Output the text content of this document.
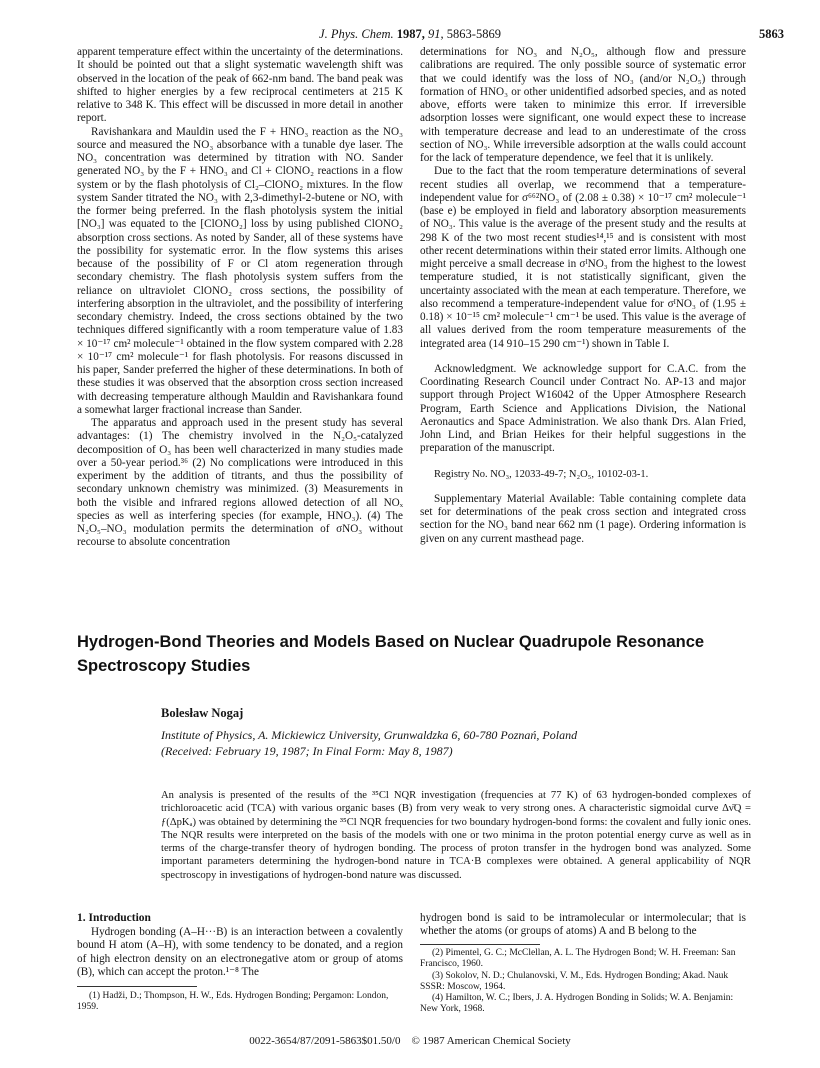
J. Phys. Chem. 1987, 91, 5863-5869	5863

apparent temperature effect within the uncertainty of the determinations. It should be pointed out that a slight systematic wavelength shift was observed in the location of the peak of 662-nm band. The band peak was shifted to higher energies by a few reciprocal centimeters at 215 K relative to 348 K. This effect will be discussed in more detail in another report.

Ravishankara and Mauldin used the F + HNO₃ reaction as the NO₃ source and measured the NO₃ absorbance with a tunable dye laser. The NO₃ concentration was determined by titration with NO. Sander generated NO₃ by the F + HNO₃ and Cl + ClONO₂ reactions in a flow system or by the flash photolysis of Cl₂–ClONO₂ mixtures. In the flow system Sander titrated the NO₃ with 2,3-dimethyl-2-butene or NO, with the former being preferred. In the flash photolysis system the initial [NO₃] was equated to the [ClONO₂] loss by using published ClONO₂ absorption cross sections. As noted by Sander, all of these systems have the possibility for systematic error. In the flow systems this arises because of the possibility of F or Cl atom regeneration through secondary chemistry. The flash photolysis system suffers from the reliance on ultraviolet ClONO₂ cross sections, the possibility of interfering absorption in the ultraviolet, and the possibility of interfering secondary chemistry. Indeed, the cross sections obtained by the two techniques differed significantly with a room temperature value of 1.83 × 10⁻¹⁷ cm² molecule⁻¹ obtained in the flow system compared with 2.28 × 10⁻¹⁷ cm² molecule⁻¹ for flash photolysis. For reasons discussed in his paper, Sander preferred the higher of these determinations. In both of these studies it was observed that the absorption cross section increased with decreasing temperature although Mauldin and Ravishankara found a somewhat larger fractional increase than Sander.

The apparatus and approach used in the present study has several advantages: (1) The chemistry involved in the N₂O₅-catalyzed decomposition of O₃ has been well characterized in many studies made over a 50-year period.³⁶ (2) No complications were introduced in this experiment by the addition of titrants, and thus the possibility of secondary unknown chemistry was minimized. (3) Measurements in both the visible and infrared regions allowed detection of all NOₓ species as well as interfering species (for example, HNO₃). (4) The N₂O₅–NO₃ modulation permits the determination of σNO₃ without recourse to absolute concentration

determinations for NO₃ and N₂O₅, although flow and pressure calibrations are required. The only possible source of systematic error that we could identify was the loss of NO₃ (and/or N₂O₅) through formation of HNO₃ or other unidentified adsorbed species, and as noted above, efforts were taken to minimize this error. If irreversible adsorption losses were significant, one would expect these to increase with temperature decrease and lead to an underestimate of the cross section of NO₃. While irreversible adsorption at the walls could account for the lack of temperature dependence, we feel that it is unlikely.

Due to the fact that the room temperature determinations of several recent studies all overlap, we recommend that a temperature-independent value for σ⁶⁶²NO₃ of (2.08 ± 0.38) × 10⁻¹⁷ cm² molecule⁻¹ (base e) be employed in field and laboratory absorption measurements of NO₃. This value is the average of the present study and the results at 298 K of the two most recent studies¹⁴,¹⁵ and is consistent with most other recent determinations within their stated error limits. Although one might perceive a small decrease in σᴵNO₃ from the highest to the lowest temperature studied, it is not statistically significant, given the uncertainty associated with the mean at each temperature. Therefore, we also recommend a temperature-independent value for σᴵNO₃ of (1.95 ± 0.18) × 10⁻¹⁵ cm² molecule⁻¹ cm⁻¹ be used. This value is the average of all values derived from the room temperature measurements of the integrated area (14 910–15 290 cm⁻¹) shown in Table I.

Acknowledgment. We acknowledge support for C.A.C. from the Coordinating Research Council under Contract No. AP-13 and major support through Project W16042 of the Upper Atmosphere Research Program, Earth Science and Applications Division, the National Aeronautics and Space Administration. We also thank Drs. Alan Fried, John Lind, and Brian Heikes for their helpful suggestions in the preparation of the manuscript.

Registry No. NO₃, 12033-49-7; N₂O₅, 10102-03-1.

Supplementary Material Available: Table containing complete data set for determinations of the peak cross section and integrated cross section for the NO₃ band near 662 nm (1 page). Ordering information is given on any current masthead page.

Hydrogen-Bond Theories and Models Based on Nuclear Quadrupole Resonance Spectroscopy Studies
Bolesław Nogaj
Institute of Physics, A. Mickiewicz University, Grunwaldzka 6, 60-780 Poznań, Poland
(Received: February 19, 1987; In Final Form: May 8, 1987)
An analysis is presented of the results of the ³⁵Cl NQR investigation (frequencies at 77 K) of 63 hydrogen-bonded complexes of trichloroacetic acid (TCA) with various organic bases (B) from very weak to very strong ones. A characteristic sigmoidal curve Δν̄Q = ƒ(ΔpKₐ) was obtained by determining the ³⁵Cl NQR frequencies for two boundary hydrogen-bond forms: the covalent and fully ionic ones. The NQR results were interpreted on the basis of the models with one or two minima in the proton potential energy curve as well as in terms of the charge-transfer theory of hydrogen bonding. The process of proton transfer in the hydrogen bond was analyzed. Some important parameters determining the hydrogen-bond nature in TCA·B complexes were obtained. A general applicability of NQR spectroscopy in investigations of hydrogen-bond nature was discussed.
1. Introduction

Hydrogen bonding (A–H···B) is an interaction between a covalently bound H atom (A–H), with some tendency to be donated, and a region of high electron density on an electronegative atom or group of atoms (B), which can accept the proton.¹⁻⁸ The

hydrogen bond is said to be intramolecular or intermolecular; that is whether the atoms (or groups of atoms) A and B belong to the

(1) Hadži, D.; Thompson, H. W., Eds. Hydrogen Bonding; Pergamon: London, 1959.

(2) Pimentel, G. C.; McClellan, A. L. The Hydrogen Bond; W. H. Freeman: San Francisco, 1960.

(3) Sokolov, N. D.; Chulanovski, V. M., Eds. Hydrogen Bonding; Akad. Nauk SSSR: Moscow, 1964.

(4) Hamilton, W. C.; Ibers, J. A. Hydrogen Bonding in Solids; W. A. Benjamin: New York, 1968.

0022-3654/87/2091-5863$01.50/0 © 1987 American Chemical Society
